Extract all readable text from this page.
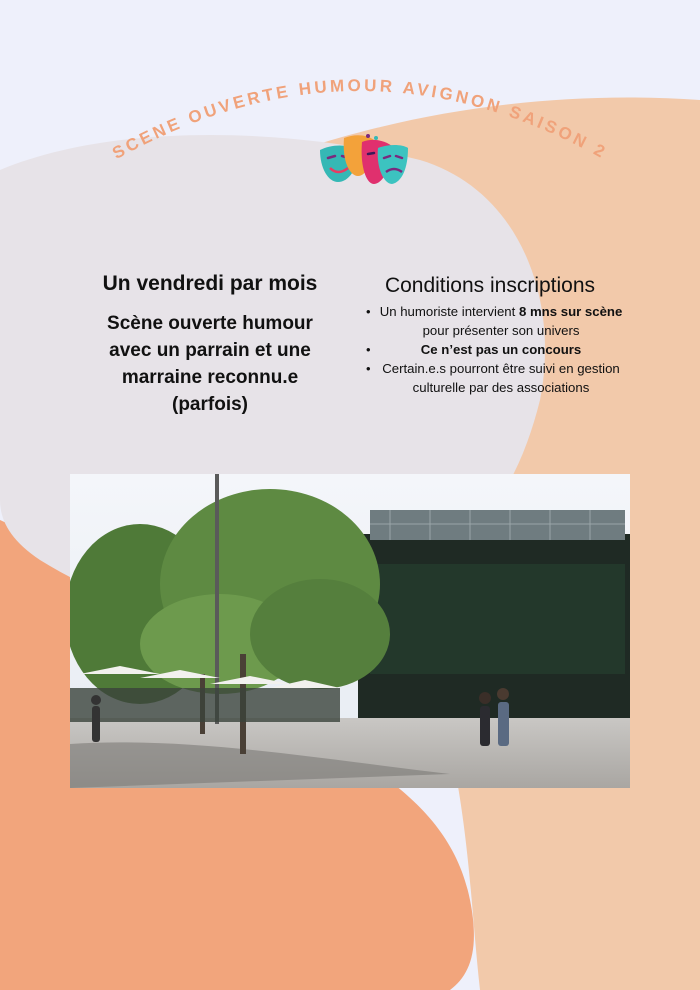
SCENE OUVERTE HUMOUR AVIGNON SAISON 2

Un vendredi par mois

Scène ouverte humour
avec un parrain et une
marraine reconnu.e
(parfois)

Conditions inscriptions

• Un humoriste intervient 8 mns sur scène pour présenter son univers
•	Ce n’est pas un concours
• Certain.e.s pourront être suivi en gestion culturelle par des associations
